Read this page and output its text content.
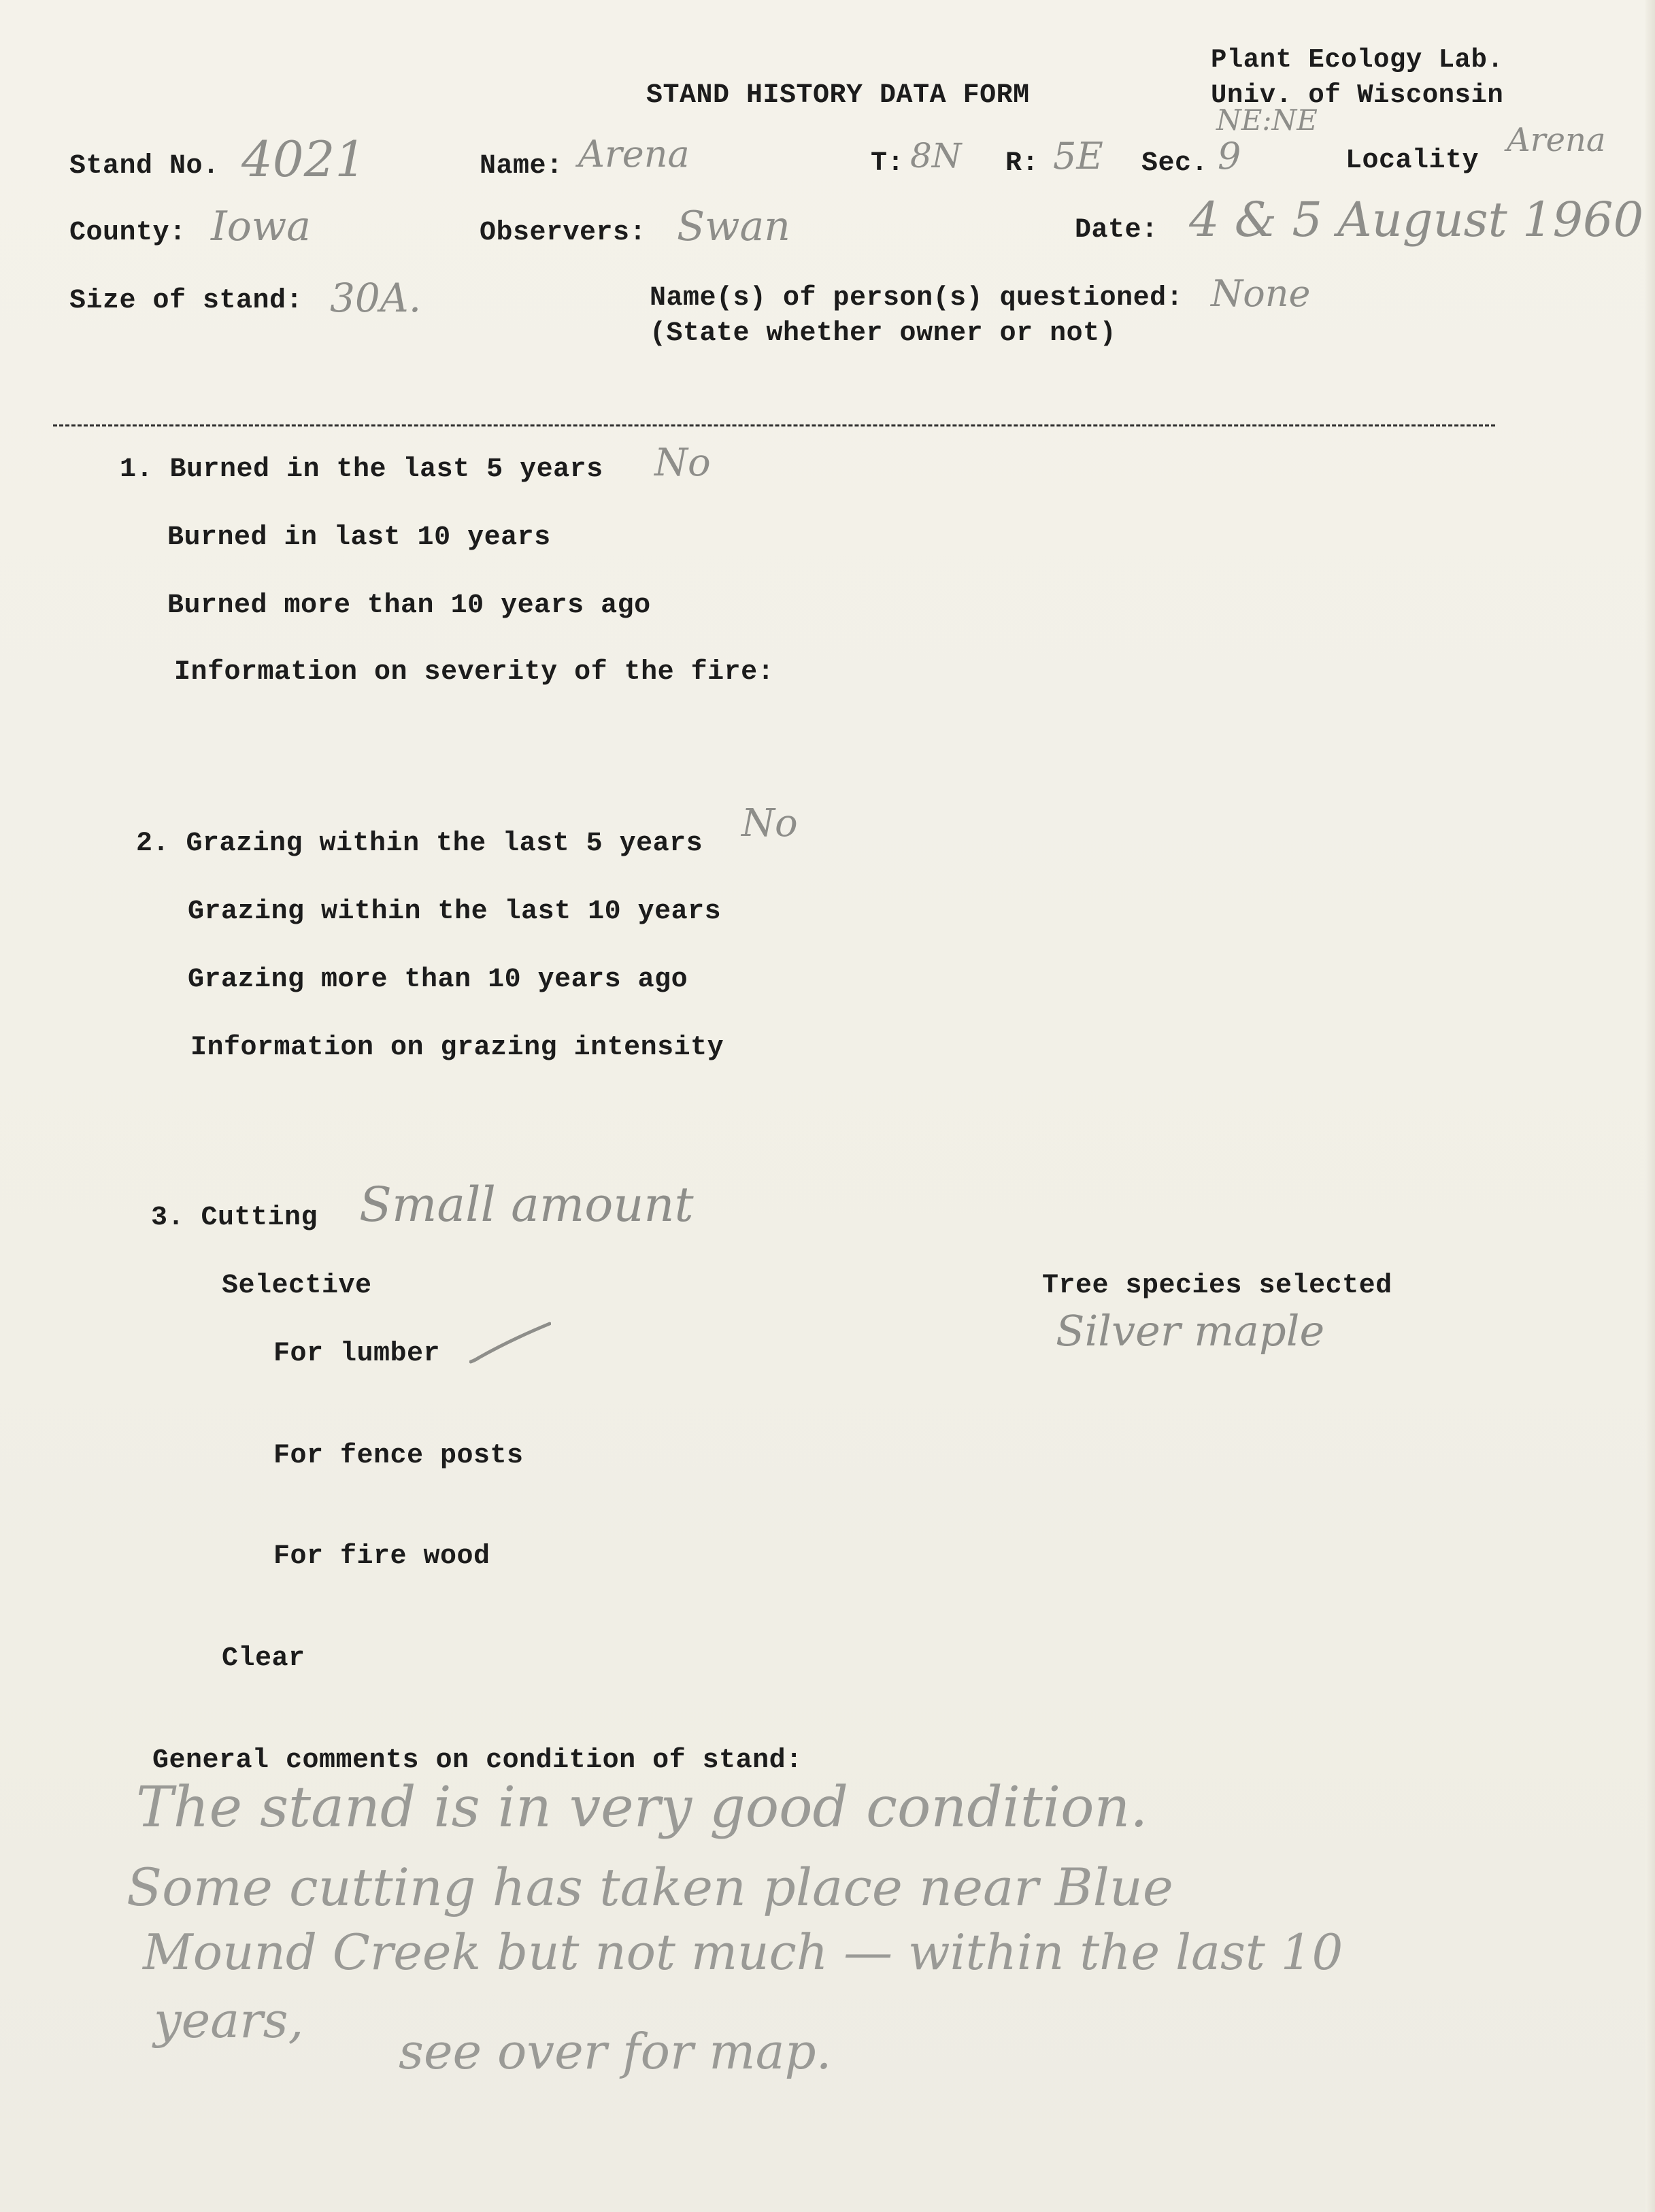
STAND HISTORY DATA FORM
Plant Ecology Lab.
Univ. of Wisconsin
Stand No. 4021	Name: Arena	T: 8N R: 5E Sec. 9
NE:NE
Locality
Arena
County: Iowa	Observers: Swan	Date: 4 & 5 August 1960
Size of stand: 30A.	Name(s) of person(s) questioned: None
(State whether owner or not)
1. Burned in the last 5 years No
Burned in last 10 years
Burned more than 10 years ago
Information on severity of the fire:
2. Grazing within the last 5 years No
Grazing within the last 10 years
Grazing more than 10 years ago
Information on grazing intensity
3. Cutting Small amount
Selective	Tree species selected
Silver maple
For lumber
For fence posts
For fire wood
Clear
General comments on condition of stand:
The stand is in very good condition.
Some cutting has taken place near Blue
Mound Creek but not much — within the last 10
years,
see over for map.
